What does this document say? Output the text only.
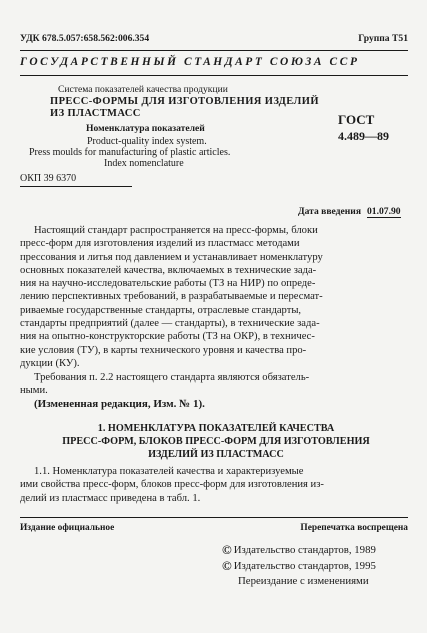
УДК 678.5.057:658.562:006.354	Группа Т51
ГОСУДАРСТВЕННЫЙ СТАНДАРТ СОЮЗА ССР
Система показателей качества продукции
ПРЕСС-ФОРМЫ ДЛЯ ИЗГОТОВЛЕНИЯ ИЗДЕЛИЙ
ИЗ ПЛАСТМАСС
Номенклатура показателей
Product-quality index system.
Press moulds for manufacturing of plastic articles.
Index nomenclature
ГОСТ
4.489—89
ОКП 39 6370
Дата введения 01.07.90
Настоящий стандарт распространяется на пресс-формы, блоки
пресс-форм для изготовления изделий из пластмасс методами
прессования и литья под давлением и устанавливает номенклатуру
основных показателей качества, включаемых в технические зада-
ния на научно-исследовательские работы (ТЗ на НИР) по опреде-
лению перспективных требований, в разрабатываемые и пересмат-
риваемые государственные стандарты, отраслевые стандарты,
стандарты предприятий (далее — стандарты), в технические зада-
ния на опытно-конструкторские работы (ТЗ на ОКР), в техничес-
кие условия (ТУ), в карты технического уровня и качества про-
дукции (КУ).
Требования п. 2.2 настоящего стандарта являются обязатель-
ными.
(Измененная редакция, Изм. № 1).
1. НОМЕНКЛАТУРА ПОКАЗАТЕЛЕЙ КАЧЕСТВА
ПРЕСС-ФОРМ, БЛОКОВ ПРЕСС-ФОРМ ДЛЯ ИЗГОТОВЛЕНИЯ
ИЗДЕЛИЙ ИЗ ПЛАСТМАСС
1.1. Номенклатура показателей качества и характеризуемые
ими свойства пресс-форм, блоков пресс-форм для изготовления из-
делий из пластмасс приведена в табл. 1.
Издание официальное	Перепечатка воспрещена
© Издательство стандартов, 1989
© Издательство стандартов, 1995
Переиздание с изменениями
